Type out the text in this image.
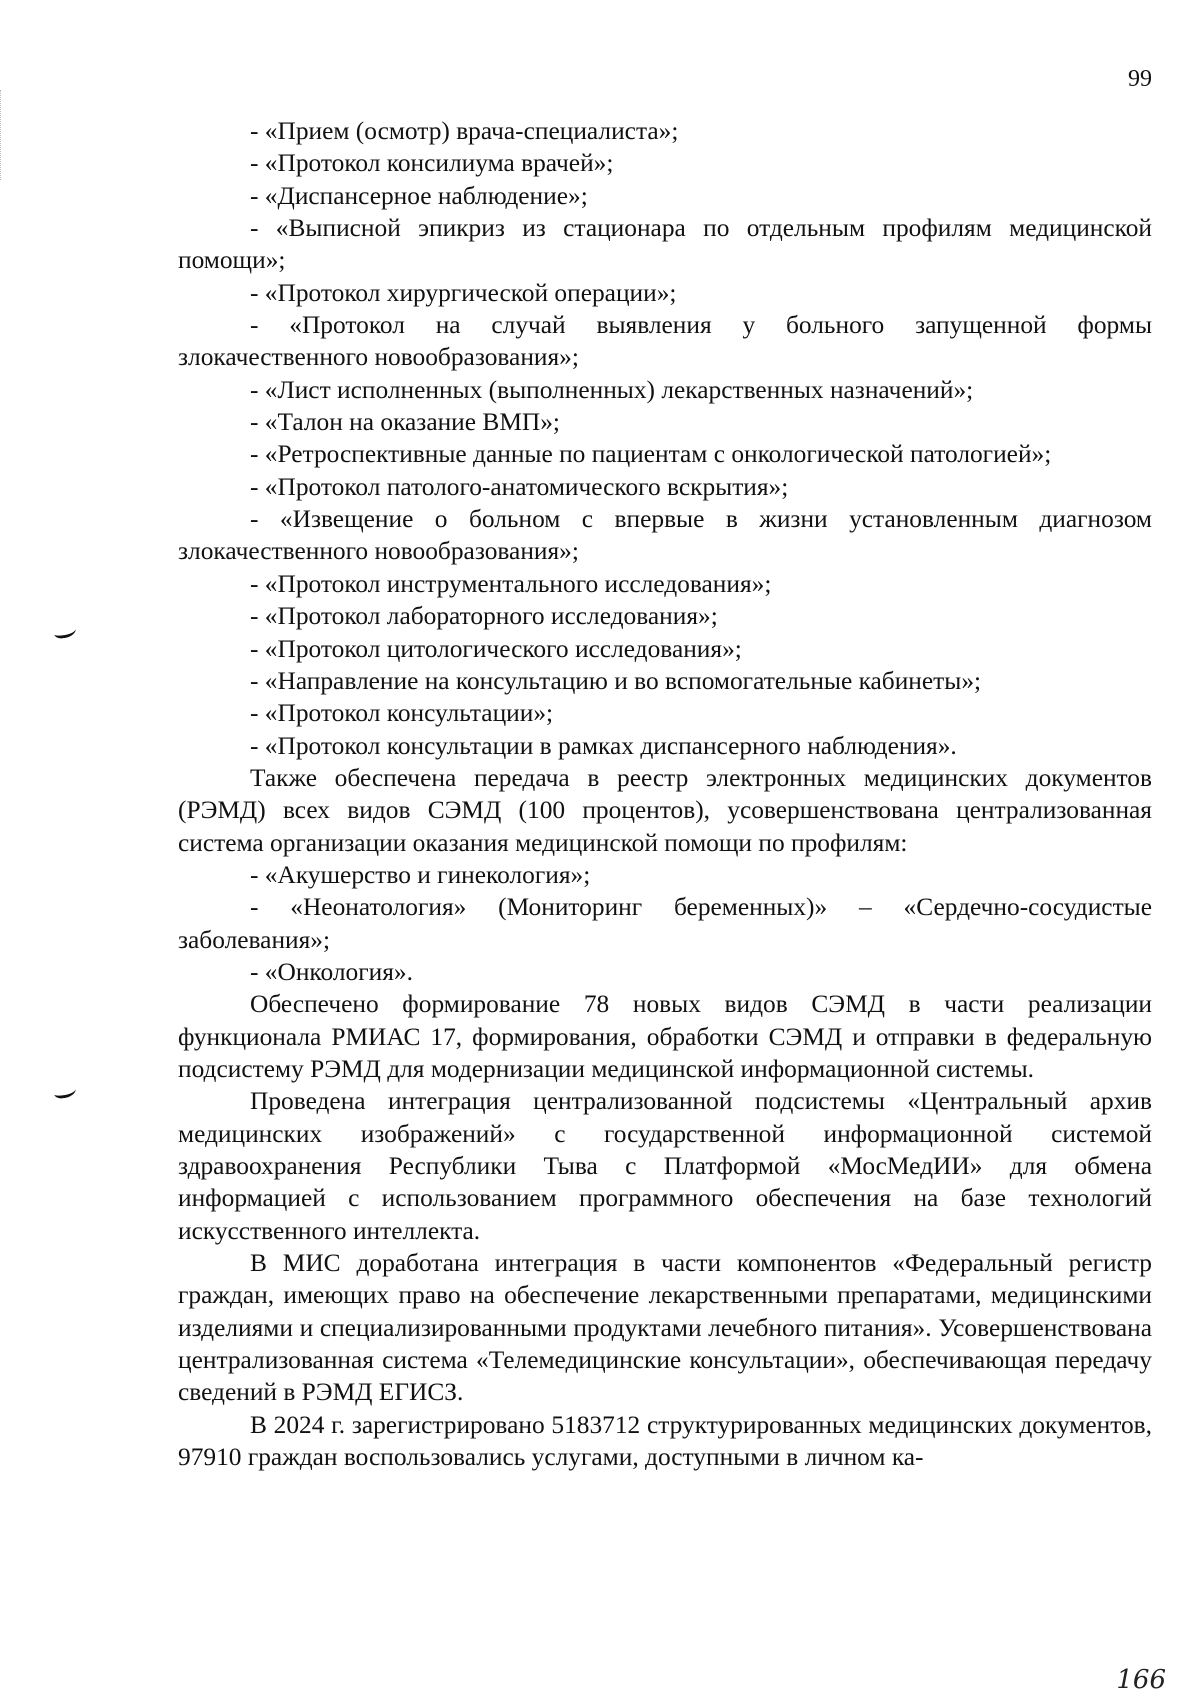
99

- «Прием (осмотр) врача-специалиста»;

- «Протокол консилиума врачей»;

- «Диспансерное наблюдение»;

- «Выписной эпикриз из стационара по отдельным профилям медицинской помощи»;

- «Протокол хирургической операции»;

- «Протокол на случай выявления у больного запущенной формы злокачественного новообразования»;

- «Лист исполненных (выполненных) лекарственных назначений»;

- «Талон на оказание ВМП»;

- «Ретроспективные данные по пациентам с онкологической патологией»;

- «Протокол патолого-анатомического вскрытия»;

- «Извещение о больном с впервые в жизни установленным диагнозом злокачественного новообразования»;

- «Протокол инструментального исследования»;

- «Протокол лабораторного исследования»;

- «Протокол цитологического исследования»;

- «Направление на консультацию и во вспомогательные кабинеты»;

- «Протокол консультации»;

- «Протокол консультации в рамках диспансерного наблюдения».

Также обеспечена передача в реестр электронных медицинских документов (РЭМД) всех видов СЭМД (100 процентов), усовершенствована централизованная система организации оказания медицинской помощи по профилям:

- «Акушерство и гинекология»;

- «Неонатология» (Мониторинг беременных)» – «Сердечно-сосудистые заболевания»;

- «Онкология».

Обеспечено формирование 78 новых видов СЭМД в части реализации функционала РМИАС 17, формирования, обработки СЭМД и отправки в федеральную подсистему РЭМД для модернизации медицинской информационной системы.

Проведена интеграция централизованной подсистемы «Центральный архив медицинских изображений» с государственной информационной системой здравоохранения Республики Тыва с Платформой «МосМедИИ» для обмена информацией с использованием программного обеспечения на базе технологий искусственного интеллекта.

В МИС доработана интеграция в части компонентов «Федеральный регистр граждан, имеющих право на обеспечение лекарственными препаратами, медицинскими изделиями и специализированными продуктами лечебного питания». Усовершенствована централизованная система «Телемедицинские консультации», обеспечивающая передачу сведений в РЭМД ЕГИСЗ.

В 2024 г. зарегистрировано 5183712 структурированных медицинских документов, 97910 граждан воспользовались услугами, доступными в личном ка-

166
